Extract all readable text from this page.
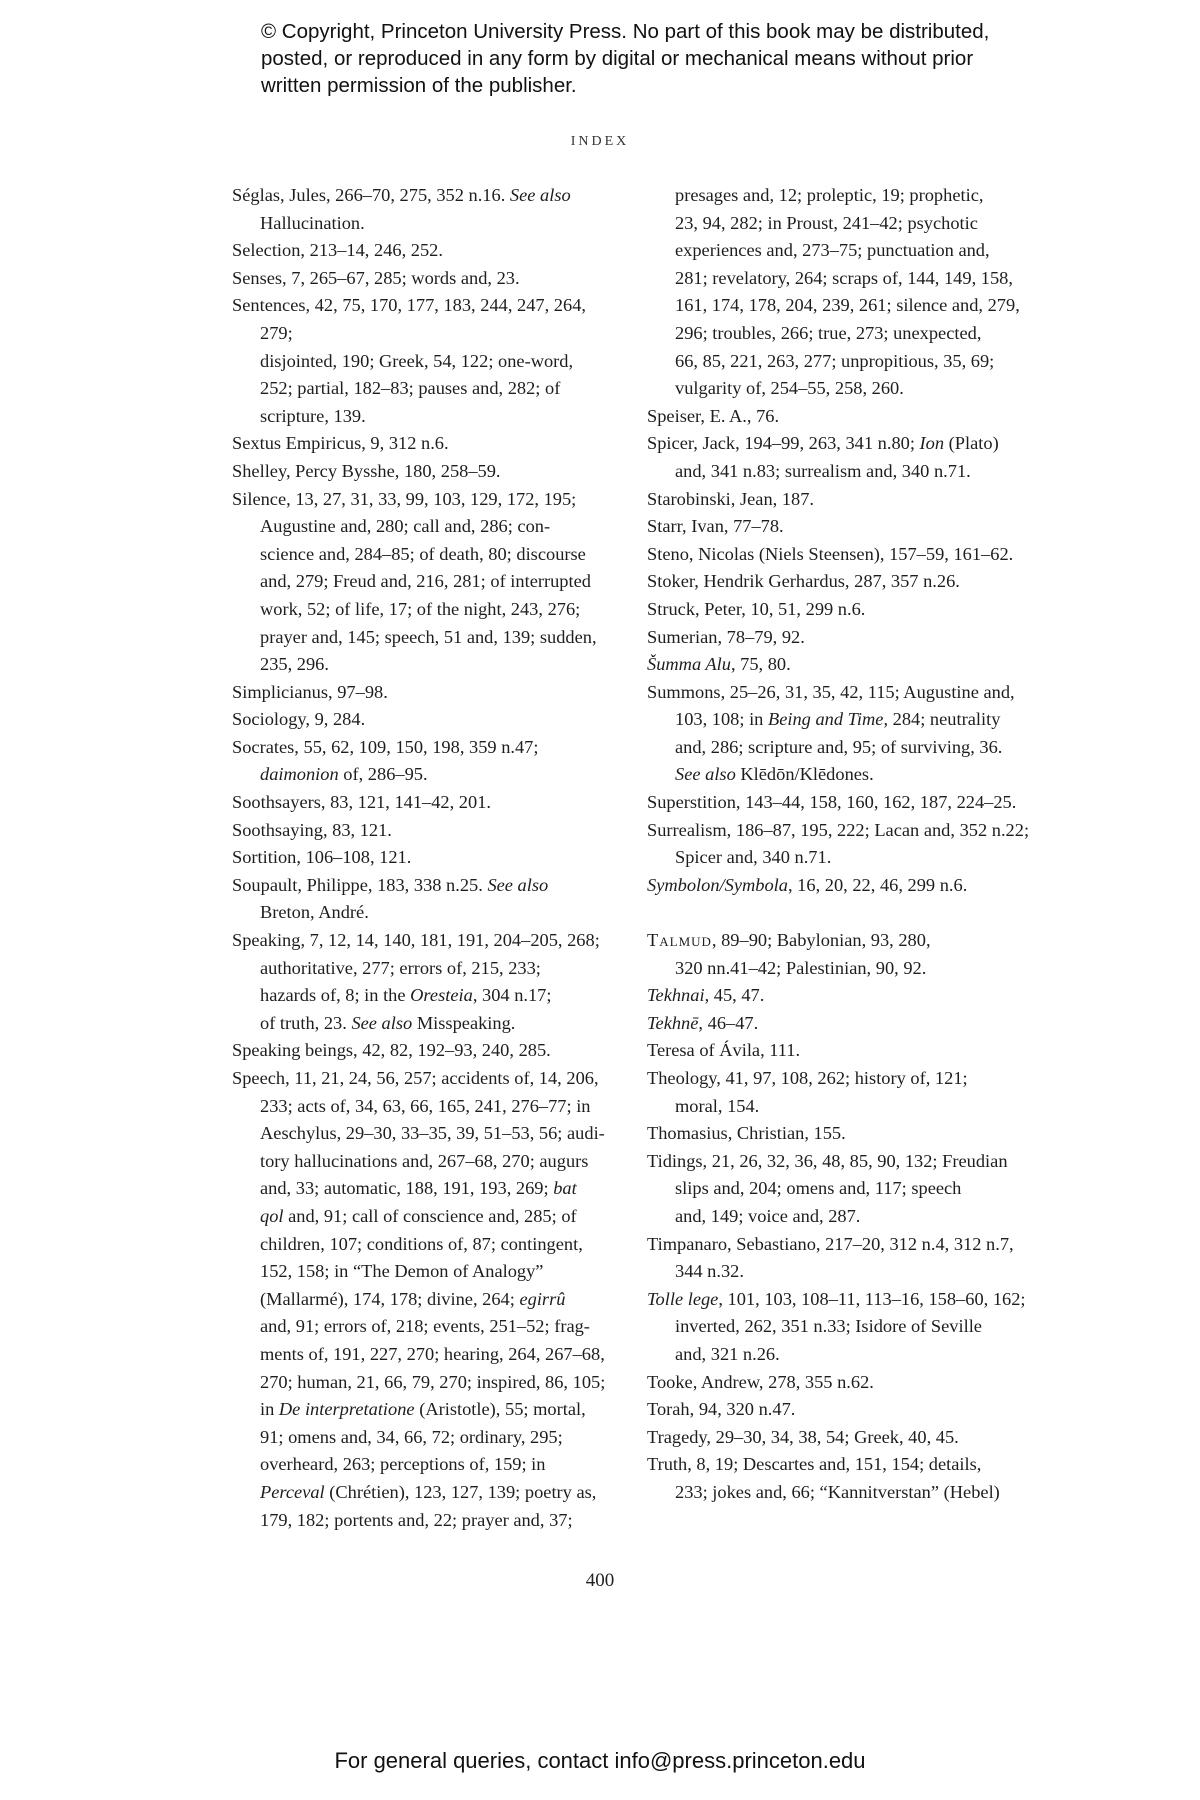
© Copyright, Princeton University Press. No part of this book may be distributed, posted, or reproduced in any form by digital or mechanical means without prior written permission of the publisher.
INDEX
Séglas, Jules, 266–70, 275, 352 n.16. See also
Hallucination.
Selection, 213–14, 246, 252.
Senses, 7, 265–67, 285; words and, 23.
Sentences, 42, 75, 170, 177, 183, 244, 247, 264, 279;
disjointed, 190; Greek, 54, 122; one-word,
252; partial, 182–83; pauses and, 282; of
scripture, 139.
Sextus Empiricus, 9, 312 n.6.
Shelley, Percy Bysshe, 180, 258–59.
Silence, 13, 27, 31, 33, 99, 103, 129, 172, 195;
Augustine and, 280; call and, 286; con-
science and, 284–85; of death, 80; discourse
and, 279; Freud and, 216, 281; of interrupted
work, 52; of life, 17; of the night, 243, 276;
prayer and, 145; speech, 51 and, 139; sudden,
235, 296.
Simplicianus, 97–98.
Sociology, 9, 284.
Socrates, 55, 62, 109, 150, 198, 359 n.47;
daimonion of, 286–95.
Soothsayers, 83, 121, 141–42, 201.
Soothsaying, 83, 121.
Sortition, 106–108, 121.
Soupault, Philippe, 183, 338 n.25. See also
Breton, André.
Speaking, 7, 12, 14, 140, 181, 191, 204–205, 268;
authoritative, 277; errors of, 215, 233;
hazards of, 8; in the Oresteia, 304 n.17;
of truth, 23. See also Misspeaking.
Speaking beings, 42, 82, 192–93, 240, 285.
Speech, 11, 21, 24, 56, 257; accidents of, 14, 206,
233; acts of, 34, 63, 66, 165, 241, 276–77; in
Aeschylus, 29–30, 33–35, 39, 51–53, 56; audi-
tory hallucinations and, 267–68, 270; augurs
and, 33; automatic, 188, 191, 193, 269; bat
qol and, 91; call of conscience and, 285; of
children, 107; conditions of, 87; contingent,
152, 158; in “The Demon of Analogy”
(Mallarmé), 174, 178; divine, 264; egirrû
and, 91; errors of, 218; events, 251–52; frag-
ments of, 191, 227, 270; hearing, 264, 267–68,
270; human, 21, 66, 79, 270; inspired, 86, 105;
in De interpretatione (Aristotle), 55; mortal,
91; omens and, 34, 66, 72; ordinary, 295;
overheard, 263; perceptions of, 159; in
Perceval (Chrétien), 123, 127, 139; poetry as,
179, 182; portents and, 22; prayer and, 37;
presages and, 12; proleptic, 19; prophetic,
23, 94, 282; in Proust, 241–42; psychotic
experiences and, 273–75; punctuation and,
281; revelatory, 264; scraps of, 144, 149, 158,
161, 174, 178, 204, 239, 261; silence and, 279,
296; troubles, 266; true, 273; unexpected,
66, 85, 221, 263, 277; unpropitious, 35, 69;
vulgarity of, 254–55, 258, 260.
Speiser, E. A., 76.
Spicer, Jack, 194–99, 263, 341 n.80; Ion (Plato)
and, 341 n.83; surrealism and, 340 n.71.
Starobinski, Jean, 187.
Starr, Ivan, 77–78.
Steno, Nicolas (Niels Steensen), 157–59, 161–62.
Stoker, Hendrik Gerhardus, 287, 357 n.26.
Struck, Peter, 10, 51, 299 n.6.
Sumerian, 78–79, 92.
Šumma Alu, 75, 80.
Summons, 25–26, 31, 35, 42, 115; Augustine and,
103, 108; in Being and Time, 284; neutrality
and, 286; scripture and, 95; of surviving, 36.
See also Klēdōn/Klēdones.
Superstition, 143–44, 158, 160, 162, 187, 224–25.
Surrealism, 186–87, 195, 222; Lacan and, 352 n.22;
Spicer and, 340 n.71.
Symbolon/Symbola, 16, 20, 22, 46, 299 n.6.
Talmud, 89–90; Babylonian, 93, 280,
320 nn.41–42; Palestinian, 90, 92.
Tekhnai, 45, 47.
Tekhnē, 46–47.
Teresa of Ávila, 111.
Theology, 41, 97, 108, 262; history of, 121;
moral, 154.
Thomasius, Christian, 155.
Tidings, 21, 26, 32, 36, 48, 85, 90, 132; Freudian
slips and, 204; omens and, 117; speech
and, 149; voice and, 287.
Timpanaro, Sebastiano, 217–20, 312 n.4, 312 n.7,
344 n.32.
Tolle lege, 101, 103, 108–11, 113–16, 158–60, 162;
inverted, 262, 351 n.33; Isidore of Seville
and, 321 n.26.
Tooke, Andrew, 278, 355 n.62.
Torah, 94, 320 n.47.
Tragedy, 29–30, 34, 38, 54; Greek, 40, 45.
Truth, 8, 19; Descartes and, 151, 154; details,
233; jokes and, 66; “Kannitverstan” (Hebel)
400
For general queries, contact info@press.princeton.edu
